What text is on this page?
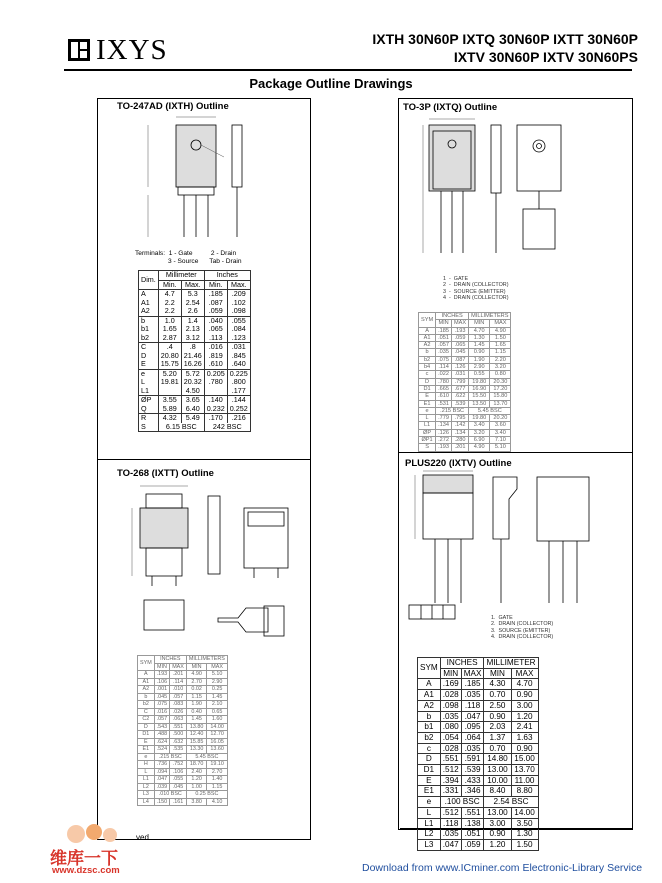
IXYS	IXTH 30N60P IXTQ 30N60P IXTT 30N60P
IXTV 30N60P IXTV 30N60PS
Package Outline Drawings
TO-247AD (IXTH) Outline
Terminals:  1 - Gate          2 - Drain
3 - Source      Tab - Drain
Dim.	Millimeter		Inches	
	Min.	Max.	Min.	Max.
A	4.7	5.3	.185	.209
A1	2.2	2.54	.087	.102
A2	2.2	2.6	.059	.098
b	1.0	1.4	.040	.055
b1	1.65	2.13	.065	.084
b2	2.87	3.12	.113	.123
C	.4	.8	.016	.031
D	20.80	21.46	.819	.845
E	15.75	16.26	.610	.640
e	5.20	5.72	0.205	0.225
L	19.81	20.32	.780	.800
L1		4.50		.177
ØP	3.55	3.65	.140	.144
Q	5.89	6.40	0.232	0.252
R	4.32	5.49	.170	.216
S	6.15 BSC		242 BSC	
TO-3P (IXTQ) Outline
1  -  GATE
2  -  DRAIN (COLLECTOR)
3  -  SOURCE (EMITTER)
4  -  DRAIN (COLLECTOR)
SYM	INCHES		MILLIMETERS	
	MIN	MAX	MIN	MAX
A	.185	.193	4.70	4.90
A1	.051	.059	1.30	1.50
A2	.057	.065	1.45	1.65
b	.035	.045	0.90	1.15
b2	.075	.087	1.90	2.20
b4	.114	.126	2.90	3.20
c	.022	.031	0.55	0.80
D	.780	.799	19.80	20.30
D1	.665	.677	16.90	17.20
E	.610	.622	15.50	15.80
E1	.531	.539	13.50	13.70
e	.215 BSC		5.45 BSC	
L	.779	.795	19.80	20.20
L1	.134	.142	3.40	3.60
ØP	.126	.134	3.20	3.40
ØP1	.272	.280	6.90	7.10
S	.193	.201	4.90	5.10
TO-268 (IXTT) Outline
SYM	INCHES		MILLIMETERS	
	MIN	MAX	MIN	MAX
A	.193	.201	4.90	5.10
A1	.106	.114	2.70	2.90
A2	.001	.010	0.02	0.25
b	.045	.057	1.15	1.45
b2	.075	.083	1.90	2.10
C	.016	.026	0.40	0.65
C2	.057	.063	1.45	1.60
D	.543	.551	13.80	14.00
D1	.488	.500	12.40	12.70
E	.624	.632	15.85	16.05
E1	.524	.535	13.30	13.60
e	.215 BSC		5.45 BSC	
H	.736	.752	18.70	19.10
L	.094	.106	2.40	2.70
L1	.047	.055	1.20	1.40
L2	.039	.045	1.00	1.15
L3	.010 BSC		0.25 BSC	
L4	.150	.161	3.80	4.10
PLUS220 (IXTV) Outline
1.  GATE
2.  DRAIN (COLLECTOR)
3.  SOURCE (EMITTER)
4.  DRAIN (COLLECTOR)
SYM	INCHES		MILLIMETER	
	MIN	MAX	MIN	MAX
A	.169	.185	4.30	4.70
A1	.028	.035	0.70	0.90
A2	.098	.118	2.50	3.00
b	.035	.047	0.90	1.20
b1	.080	.095	2.03	2.41
b2	.054	.064	1.37	1.63
c	.028	.035	0.70	0.90
D	.551	.591	14.80	15.00
D1	.512	.539	13.00	13.70
E	.394	.433	10.00	11.00
E1	.331	.346	8.40	8.80
e	.100 BSC		2.54 BSC	
L	.512	.551	13.00	14.00
L1	.118	.138	3.00	3.50
L2	.035	.051	0.90	1.30
L3	.047	.059	1.20	1.50
ved
维库一下
www.dzsc.com	Download from www.ICminer.com Electronic-Library Service
